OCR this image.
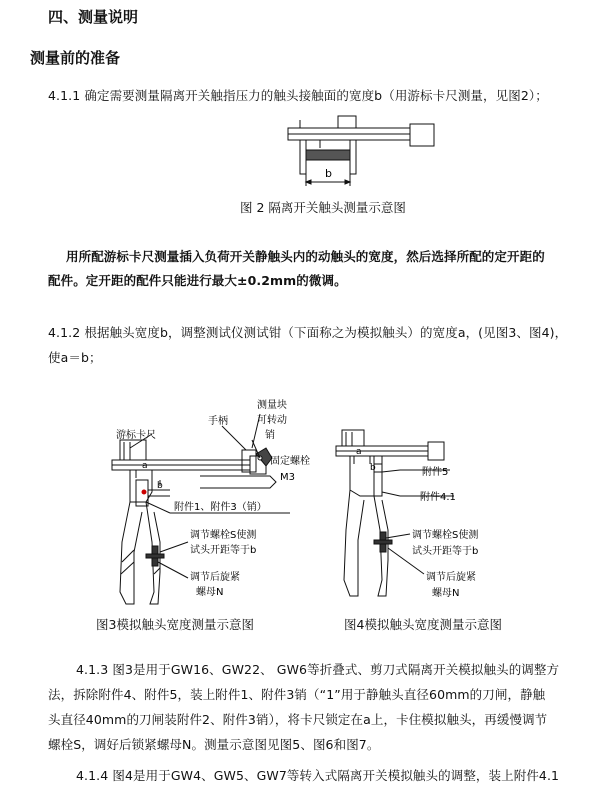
四、测量说明
测量前的准备
4.1.1 确定需要测量隔离开关触指压力的触头接触面的宽度b（用游标卡尺测量，见图2）；
b
图 2 隔离开关触头测量示意图
用所配游标卡尺测量插入负荷开关静触头内的动触头的宽度，然后选择所配的定开距的
配件。定开距的配件只能进行最大±0.2mm的微调。
4.1.2 根据触头宽度b，调整测试仪测试钳（下面称之为模拟触头）的宽度a，(见图3、图4)，
使a＝b；
游标卡尺
手柄
测量块
可转动
销
固定螺栓
M3
a
b
附件1、附件3（销）
调节螺栓S使测
试头开距等于b
调节后旋紧
螺母N
图3模拟触头宽度测量示意图
a
b	附件5
附件4.1
调节螺栓S使测
试头开距等于b
调节后旋紧
螺母N
图4模拟触头宽度测量示意图
4.1.3 图3是用于GW16、GW22、 GW6等折叠式、剪刀式隔离开关模拟触头的调整方
法，拆除附件4、附件5，装上附件1、附件3销（“1”用于静触头直径60mm的刀闸，静触
头直径40mm的刀闸装附件2、附件3销），将卡尺锁定在a上，卡住模拟触头，再缓慢调节
螺栓S，调好后锁紧螺母N。测量示意图见图5、图6和图7。
4.1.4 图4是用于GW4、GW5、GW7等转入式隔离开关模拟触头的调整，装上附件4.1
